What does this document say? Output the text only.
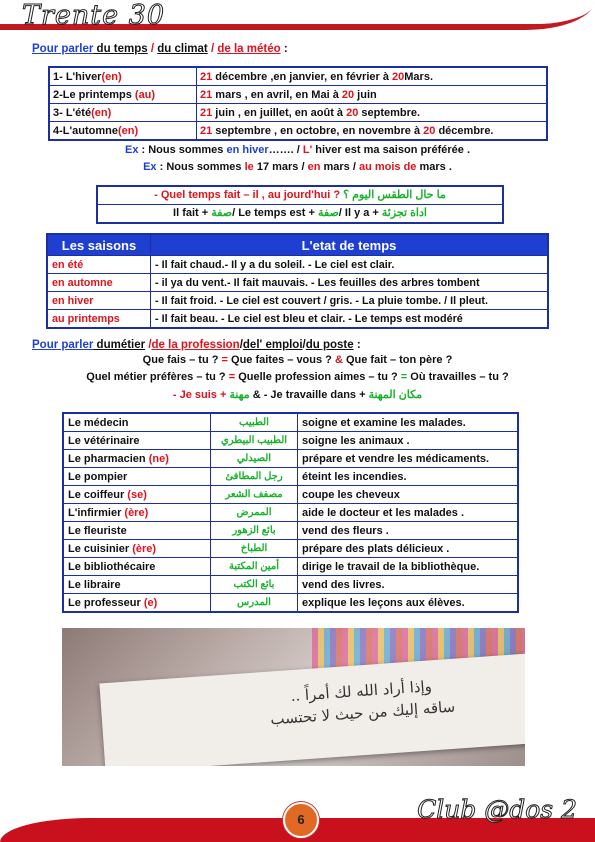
Trente 30
Pour parler du temps / du climat / de la météo :
1- L'hiver(en)	21 décembre ,en janvier, en février à 20Mars.
2-Le printemps (au)	21 mars , en avril, en Mai à 20 juin
3- L'été(en)	21 juin , en juillet, en août à 20 septembre.
4-L'automne(en)	21 septembre , en octobre, en novembre à 20 décembre.
Ex : Nous sommes en hiver……. / L' hiver est ma saison préférée .
Ex : Nous sommes le 17 mars / en mars / au mois de mars .
- Quel temps fait – il , au jourd'hui ? ما حال الطقس اليوم ؟
Il fait + صفة/ Le temps est + صفة/ Il y a + اداة تجزئة
Les saisons	L'etat de temps
en été	- Il fait chaud.- Il y a du soleil. - Le ciel est clair.
en automne	- il ya du vent.- Il fait mauvais. - Les feuilles des arbres tombent
en hiver	- Il fait froid. - Le ciel est couvert / gris. - La pluie tombe. / Il pleut.
au printemps	- Il fait beau. - Le ciel est bleu et clair. - Le temps est modéré
Pour parler dumétier /de la profession/del' emploi/du poste :
Que fais – tu ? = Que faites – vous ? & Que fait – ton père ?
Quel métier préfères – tu ? = Quelle profession aimes – tu ? = Où travailles – tu ?
- Je suis + مهنة & - Je travaille dans + مكان المهنة
Le médecin	الطبيب	soigne et examine les malades.
Le vétérinaire	الطبيب البيطري	soigne les animaux .
Le pharmacien (ne)	الصيدلي	prépare et vendre les médicaments.
Le pompier	رجل المطافئ	éteint les incendies.
Le coiffeur (se)	مصفف الشعر	coupe les cheveux
L'infirmier (ère)	الممرض	aide le docteur et les malades .
Le fleuriste	بائع الزهور	vend des fleurs .
Le cuisinier (ère)	الطباخ	prépare des plats délicieux .
Le bibliothécaire	أمين المكتبة	dirige le travail de la bibliothèque.
Le libraire	بائع الكتب	vend des livres.
Le professeur (e)	المدرس	explique les leçons aux élèves.
وإذا أراد الله لك أمراً ..
ساقه إليك من حيث لا تحتسب
Club @dos 2
6
